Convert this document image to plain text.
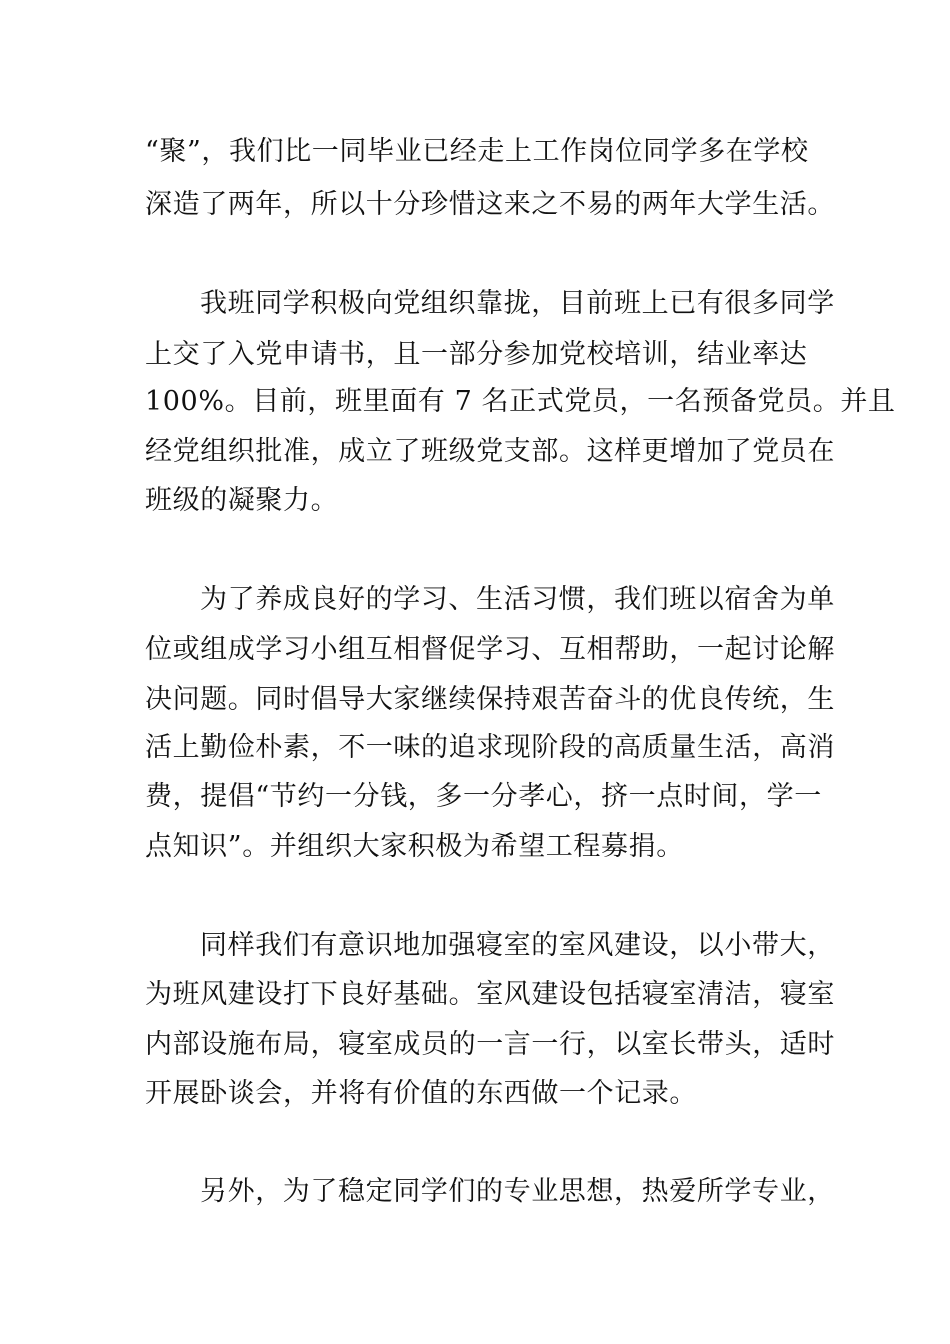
“聚”，我们比一同毕业已经走上工作岗位同学多在学校
深造了两年，所以十分珍惜这来之不易的两年大学生活。
我班同学积极向党组织靠拢，目前班上已有很多同学
上交了入党申请书，且一部分参加党校培训，结业率达
100%。目前，班里面有 7 名正式党员，一名预备党员。并且
经党组织批准，成立了班级党支部。这样更增加了党员在
班级的凝聚力。
为了养成良好的学习、生活习惯，我们班以宿舍为单
位或组成学习小组互相督促学习、互相帮助，一起讨论解
决问题。同时倡导大家继续保持艰苦奋斗的优良传统，生
活上勤俭朴素，不一味的追求现阶段的高质量生活，高消
费，提倡“节约一分钱，多一分孝心，挤一点时间，学一
点知识”。并组织大家积极为希望工程募捐。
同样我们有意识地加强寝室的室风建设，以小带大，
为班风建设打下良好基础。室风建设包括寝室清洁，寝室
内部设施布局，寝室成员的一言一行，以室长带头，适时
开展卧谈会，并将有价值的东西做一个记录。
另外，为了稳定同学们的专业思想，热爱所学专业，
